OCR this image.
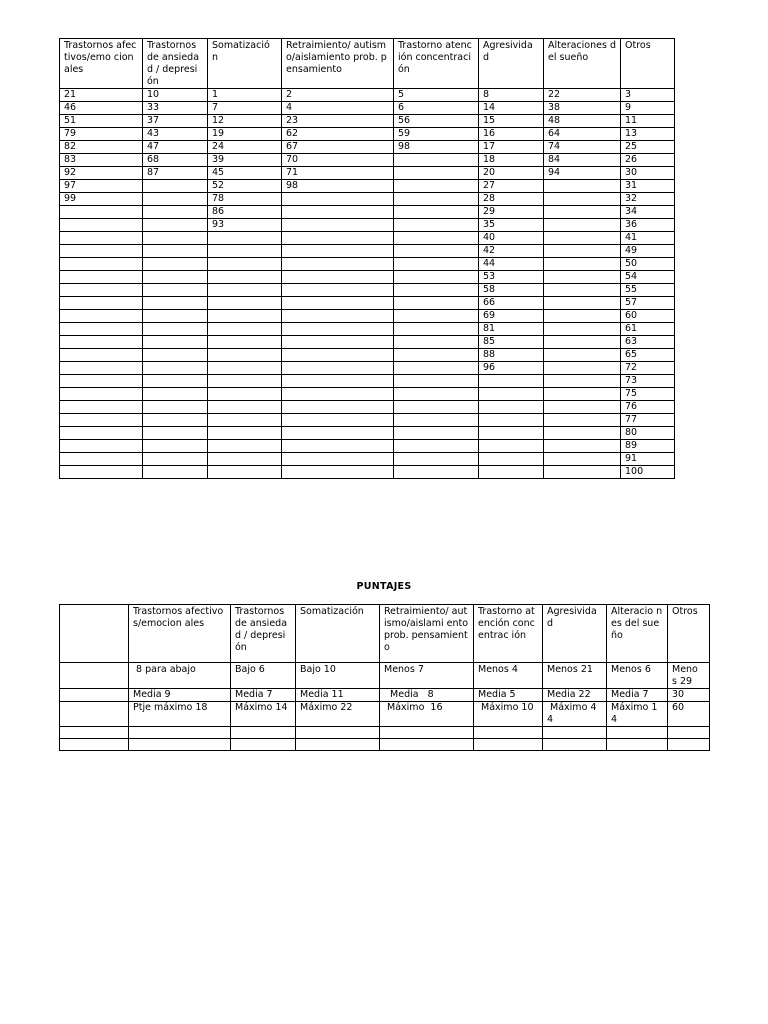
Trastornos afectivos/emo cionales	Trastornos de ansiedad / depresión	Somatizació n	Retraimiento/ autismo/aislamiento prob. pensamiento	Trastorno atención concentración	Agresivida d	Alteraciones del sueño	Otros
21	10	1	2	5	8	22	3
46	33	7	4	6	14	38	9
51	37	12	23	56	15	48	11
79	43	19	62	59	16	64	13
82	47	24	67	98	17	74	25
83	68	39	70		18	84	26
92	87	45	71		20	94	30
97		52	98		27		31
99		78			28		32
		86			29		34
		93			35		36
					40		41
					42		49
					44		50
					53		54
					58		55
					66		57
					69		60
					81		61
					85		63
					88		65
					96		72
							73
							75
							76
							77
							80
							89
							91
							100
PUNTAJES
	Trastornos afectivos/emocion ales	Trastornos de ansiedad / depresión	Somatización	Retraimiento/ autismo/aislami ento prob. pensamiento	Trastorno atención concentrac ión	Agresivida d	Alteracio nes del sueño	Otros
	8 para abajo	Bajo 6	Bajo 10	Menos 7	Menos 4	Menos 21	Menos 6	Meno s 29
	Media 9	Media 7	Media 11	Media   8	Media 5	Media 22	Media 7	30
	Ptje máximo 18	Máximo 14	Máximo 22	Máximo  16	Máximo 10	Máximo 44	Máximo 14	60
